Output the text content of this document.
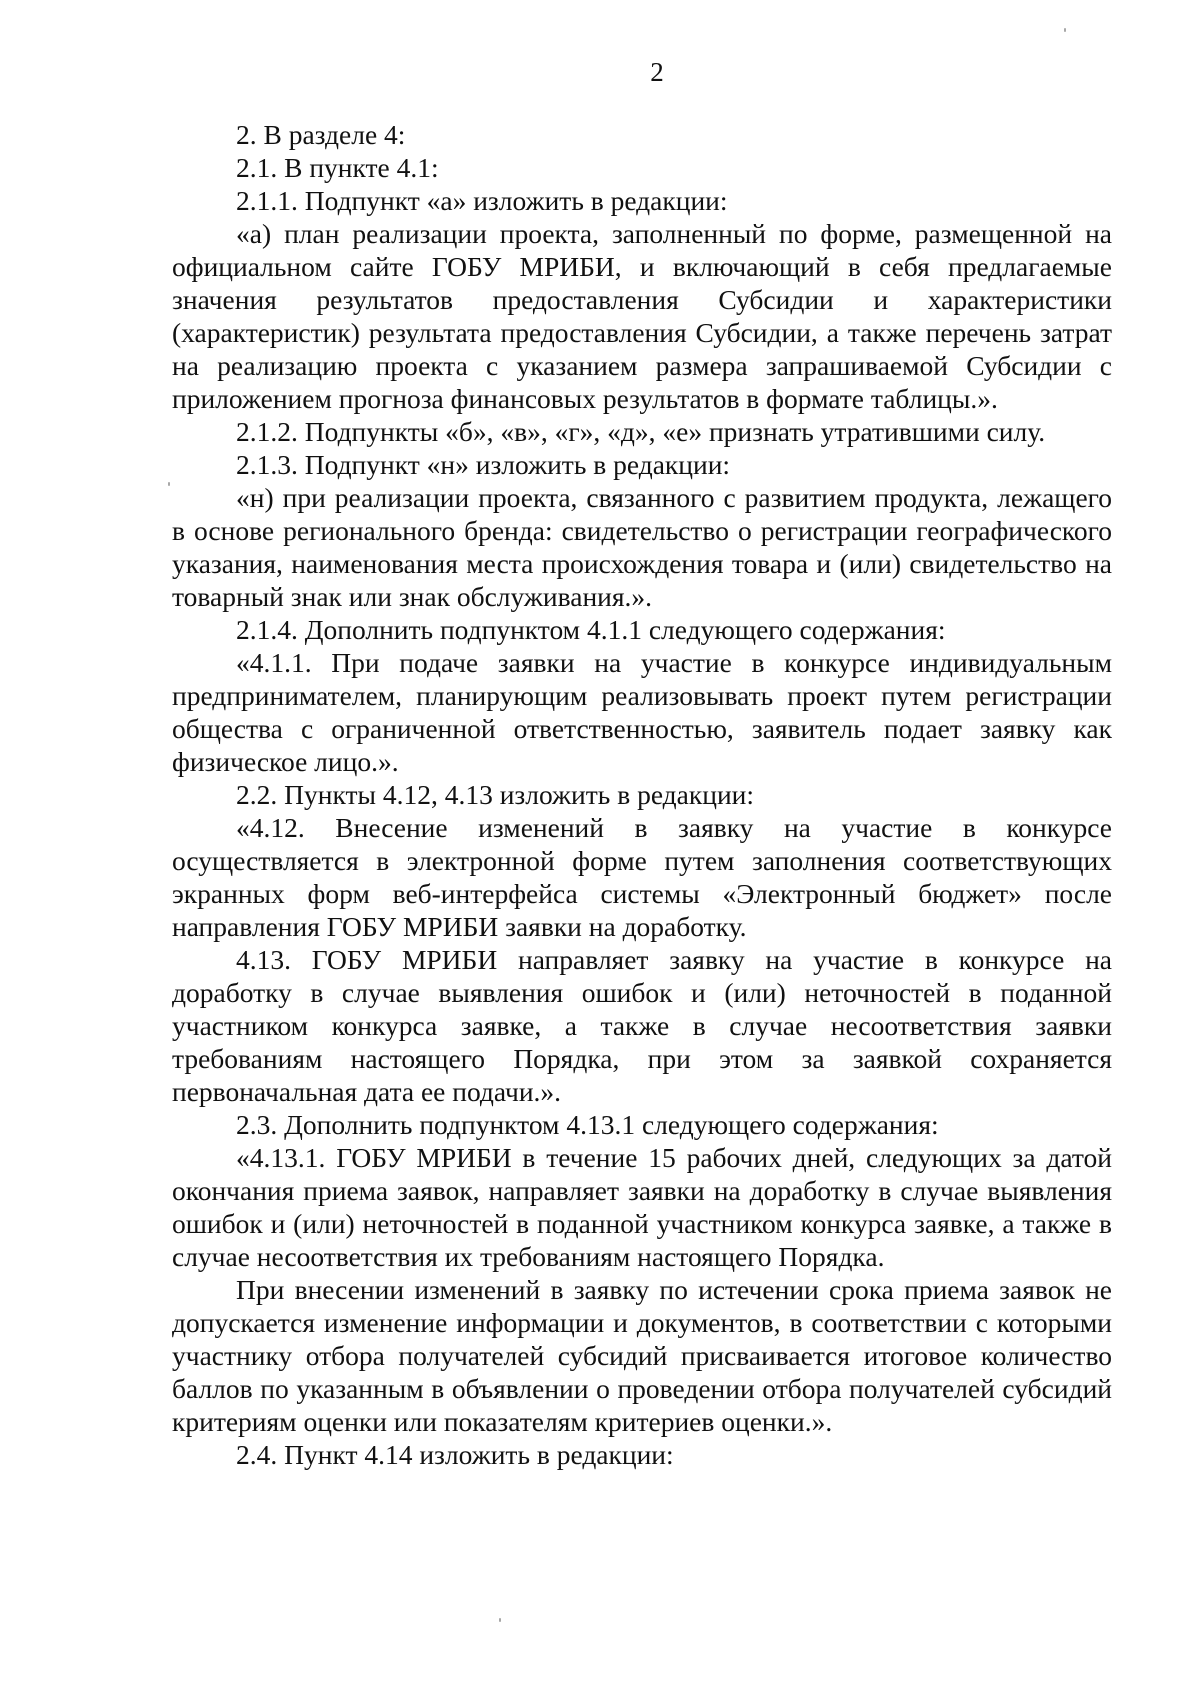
2

2. В разделе 4:

2.1. В пункте 4.1:

2.1.1. Подпункт «а» изложить в редакции:

«а) план реализации проекта, заполненный по форме, размещенной на официальном сайте ГОБУ МРИБИ, и включающий в себя предлагаемые значения результатов предоставления Субсидии и характеристики (характеристик) результата предоставления Субсидии, а также перечень затрат на реализацию проекта с указанием размера запрашиваемой Субсидии с приложением прогноза финансовых результатов в формате таблицы.».

2.1.2. Подпункты «б», «в», «г», «д», «е» признать утратившими силу.

2.1.3. Подпункт «н» изложить в редакции:

«н) при реализации проекта, связанного с развитием продукта, лежащего в основе регионального бренда: свидетельство о регистрации географического указания, наименования места происхождения товара и (или) свидетельство на товарный знак или знак обслуживания.».

2.1.4. Дополнить подпунктом 4.1.1 следующего содержания:

«4.1.1. При подаче заявки на участие в конкурсе индивидуальным предпринимателем, планирующим реализовывать проект путем регистрации общества с ограниченной ответственностью, заявитель подает заявку как физическое лицо.».

2.2. Пункты 4.12, 4.13 изложить в редакции:

«4.12. Внесение изменений в заявку на участие в конкурсе осуществляется в электронной форме путем заполнения соответствующих экранных форм веб-интерфейса системы «Электронный бюджет» после направления ГОБУ МРИБИ заявки на доработку.

4.13. ГОБУ МРИБИ направляет заявку на участие в конкурсе на доработку в случае выявления ошибок и (или) неточностей в поданной участником конкурса заявке, а также в случае несоответствия заявки требованиям настоящего Порядка, при этом за заявкой сохраняется первоначальная дата ее подачи.».

2.3. Дополнить подпунктом 4.13.1 следующего содержания:

«4.13.1. ГОБУ МРИБИ в течение 15 рабочих дней, следующих за датой окончания приема заявок, направляет заявки на доработку в случае выявления ошибок и (или) неточностей в поданной участником конкурса заявке, а также в случае несоответствия их требованиям настоящего Порядка.

При внесении изменений в заявку по истечении срока приема заявок не допускается изменение информации и документов, в соответствии с которыми участнику отбора получателей субсидий присваивается итоговое количество баллов по указанным в объявлении о проведении отбора получателей субсидий критериям оценки или показателям критериев оценки.».

2.4. Пункт 4.14 изложить в редакции:
